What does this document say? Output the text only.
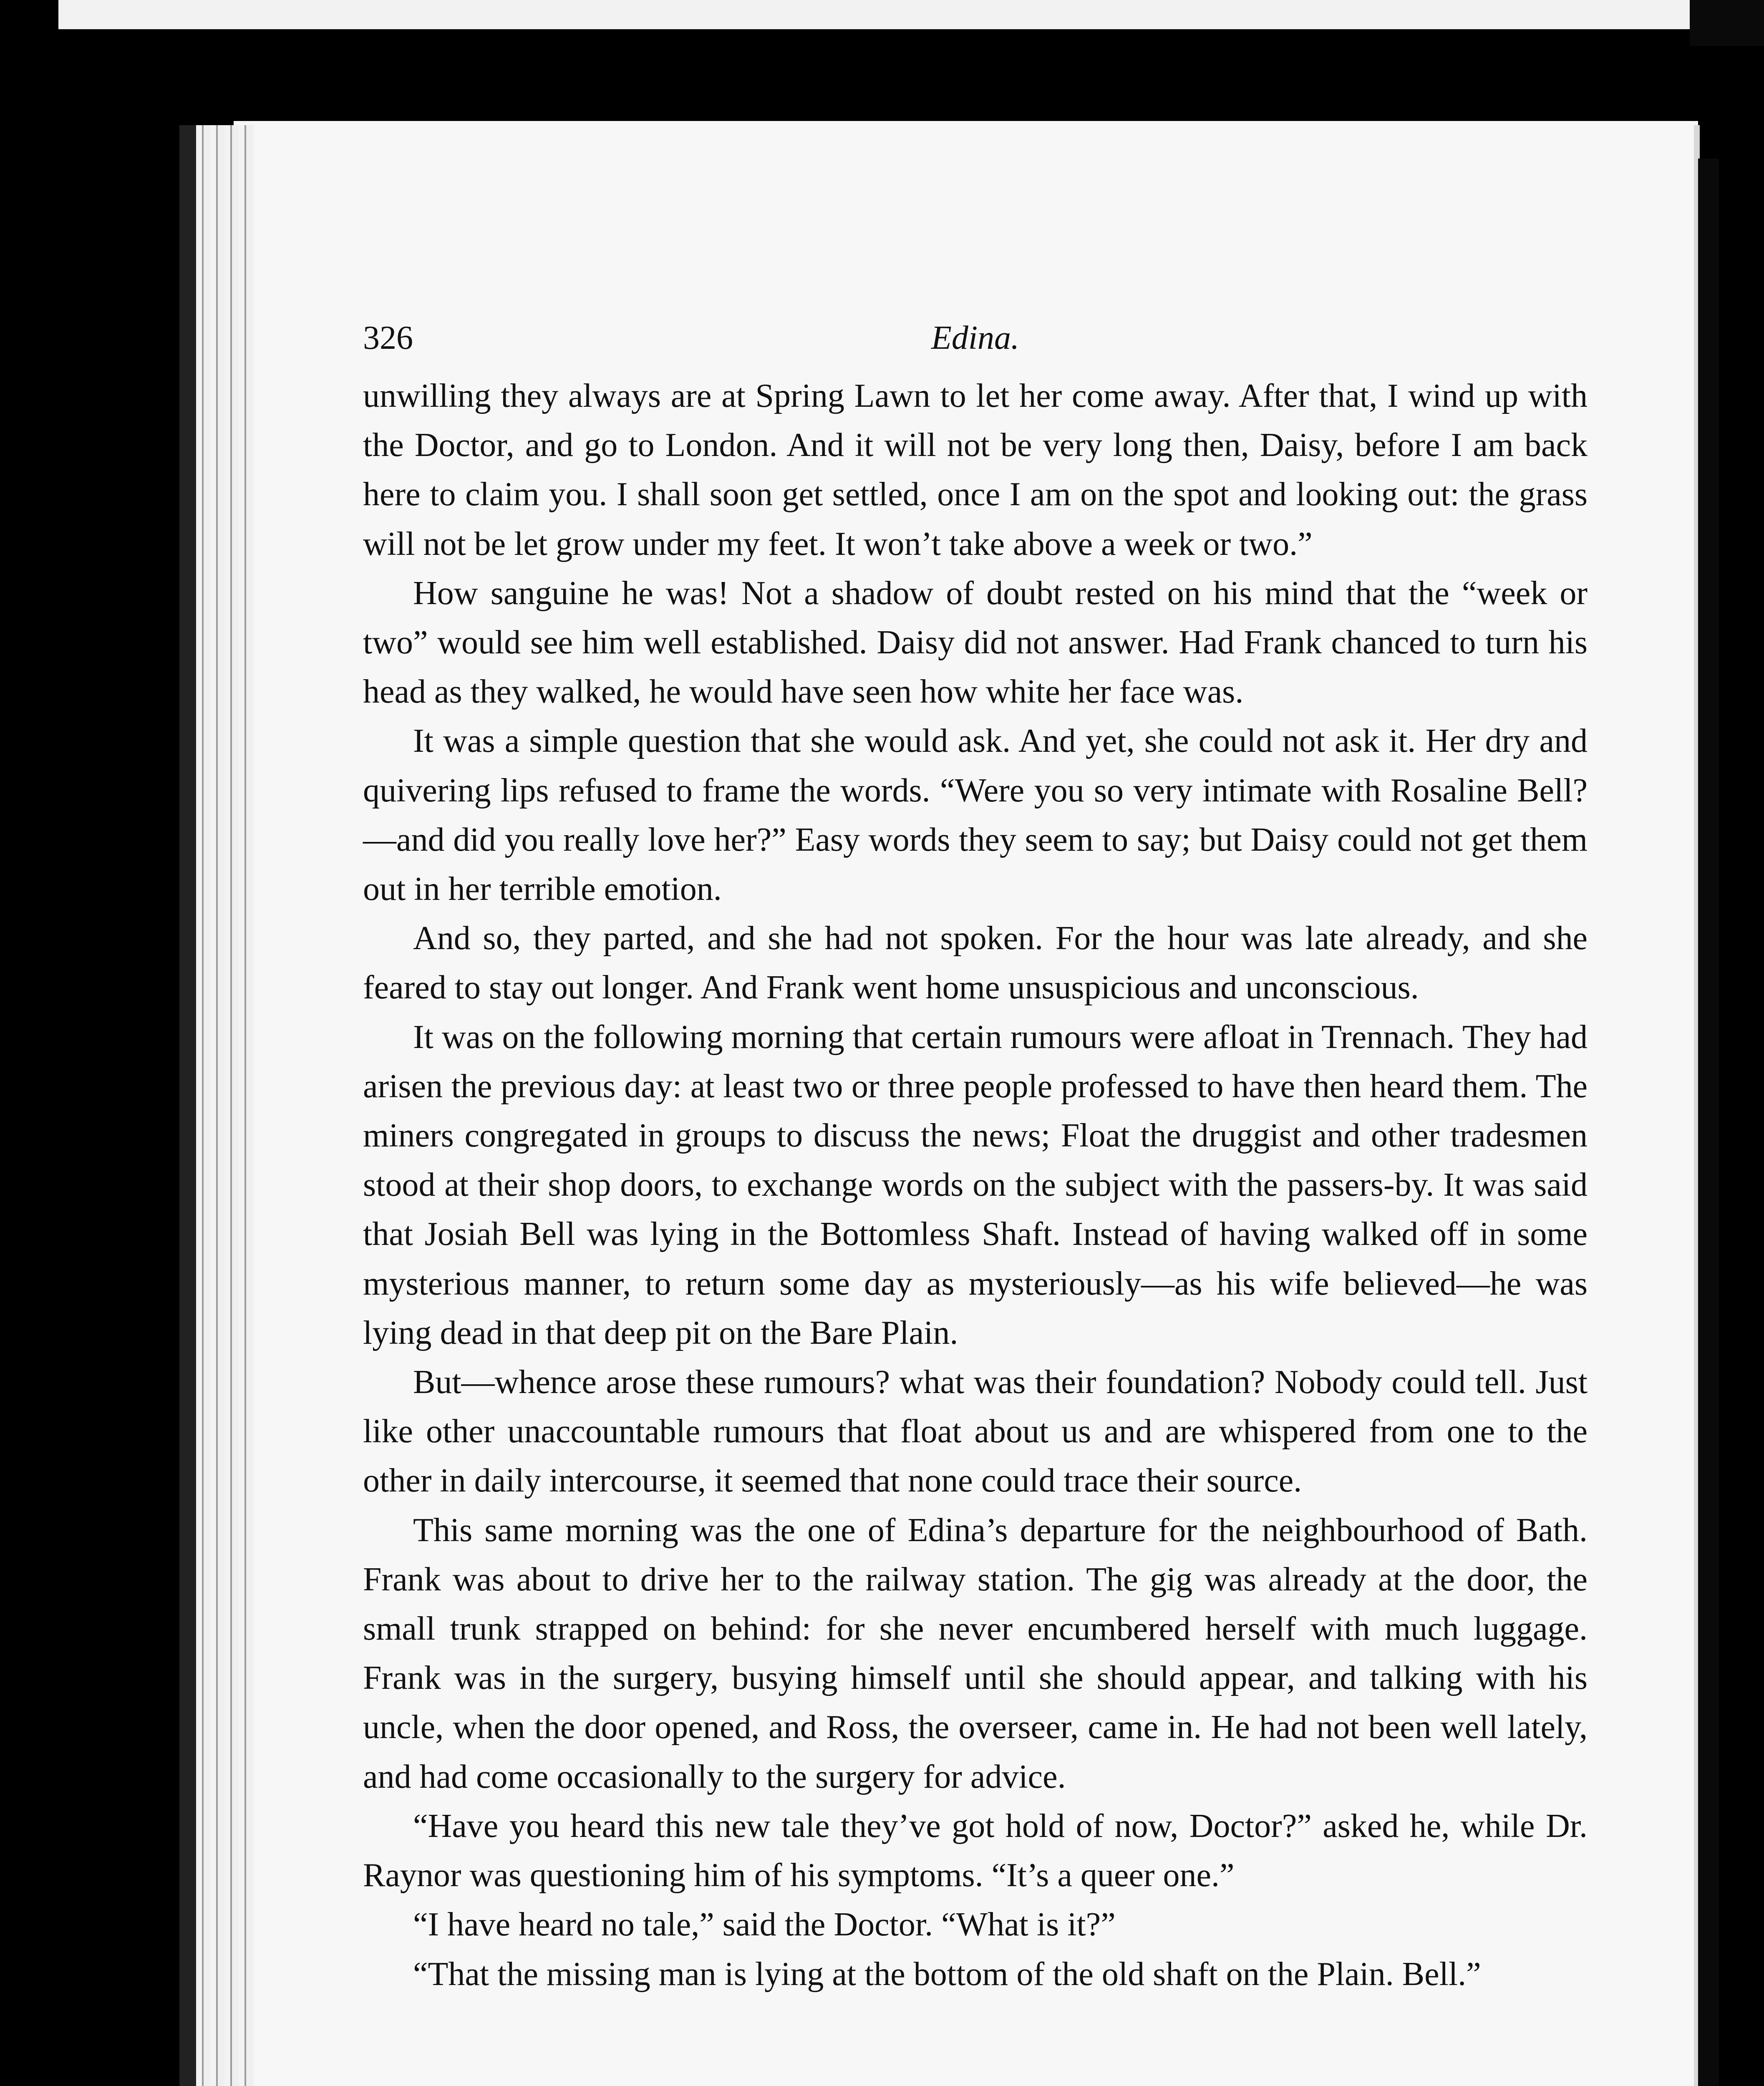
326	Edina.

unwilling they always are at Spring Lawn to let her come away. After that, I wind up with the Doctor, and go to London. And it will not be very long then, Daisy, before I am back here to claim you. I shall soon get settled, once I am on the spot and looking out: the grass will not be let grow under my feet. It won’t take above a week or two.”

How sanguine he was! Not a shadow of doubt rested on his mind that the “week or two” would see him well established. Daisy did not answer. Had Frank chanced to turn his head as they walked, he would have seen how white her face was.

It was a simple question that she would ask. And yet, she could not ask it. Her dry and quivering lips refused to frame the words. “Were you so very intimate with Rosaline Bell?—and did you really love her?” Easy words they seem to say; but Daisy could not get them out in her terrible emotion.

And so, they parted, and she had not spoken. For the hour was late already, and she feared to stay out longer. And Frank went home unsuspicious and unconscious.

It was on the following morning that certain rumours were afloat in Trennach. They had arisen the previous day: at least two or three people professed to have then heard them. The miners congregated in groups to discuss the news; Float the druggist and other tradesmen stood at their shop doors, to exchange words on the subject with the passers-by. It was said that Josiah Bell was lying in the Bottomless Shaft. Instead of having walked off in some mysterious manner, to return some day as mysteriously—as his wife believed—he was lying dead in that deep pit on the Bare Plain.

But—whence arose these rumours? what was their foundation? Nobody could tell. Just like other unaccountable rumours that float about us and are whispered from one to the other in daily intercourse, it seemed that none could trace their source.

This same morning was the one of Edina’s departure for the neighbourhood of Bath. Frank was about to drive her to the railway station. The gig was already at the door, the small trunk strapped on behind: for she never encumbered herself with much luggage. Frank was in the surgery, busying himself until she should appear, and talking with his uncle, when the door opened, and Ross, the overseer, came in. He had not been well lately, and had come occasionally to the surgery for advice.

“Have you heard this new tale they’ve got hold of now, Doctor?” asked he, while Dr. Raynor was questioning him of his symptoms. “It’s a queer one.”

“I have heard no tale,” said the Doctor. “What is it?”

“That the missing man is lying at the bottom of the old shaft on the Plain. Bell.”
